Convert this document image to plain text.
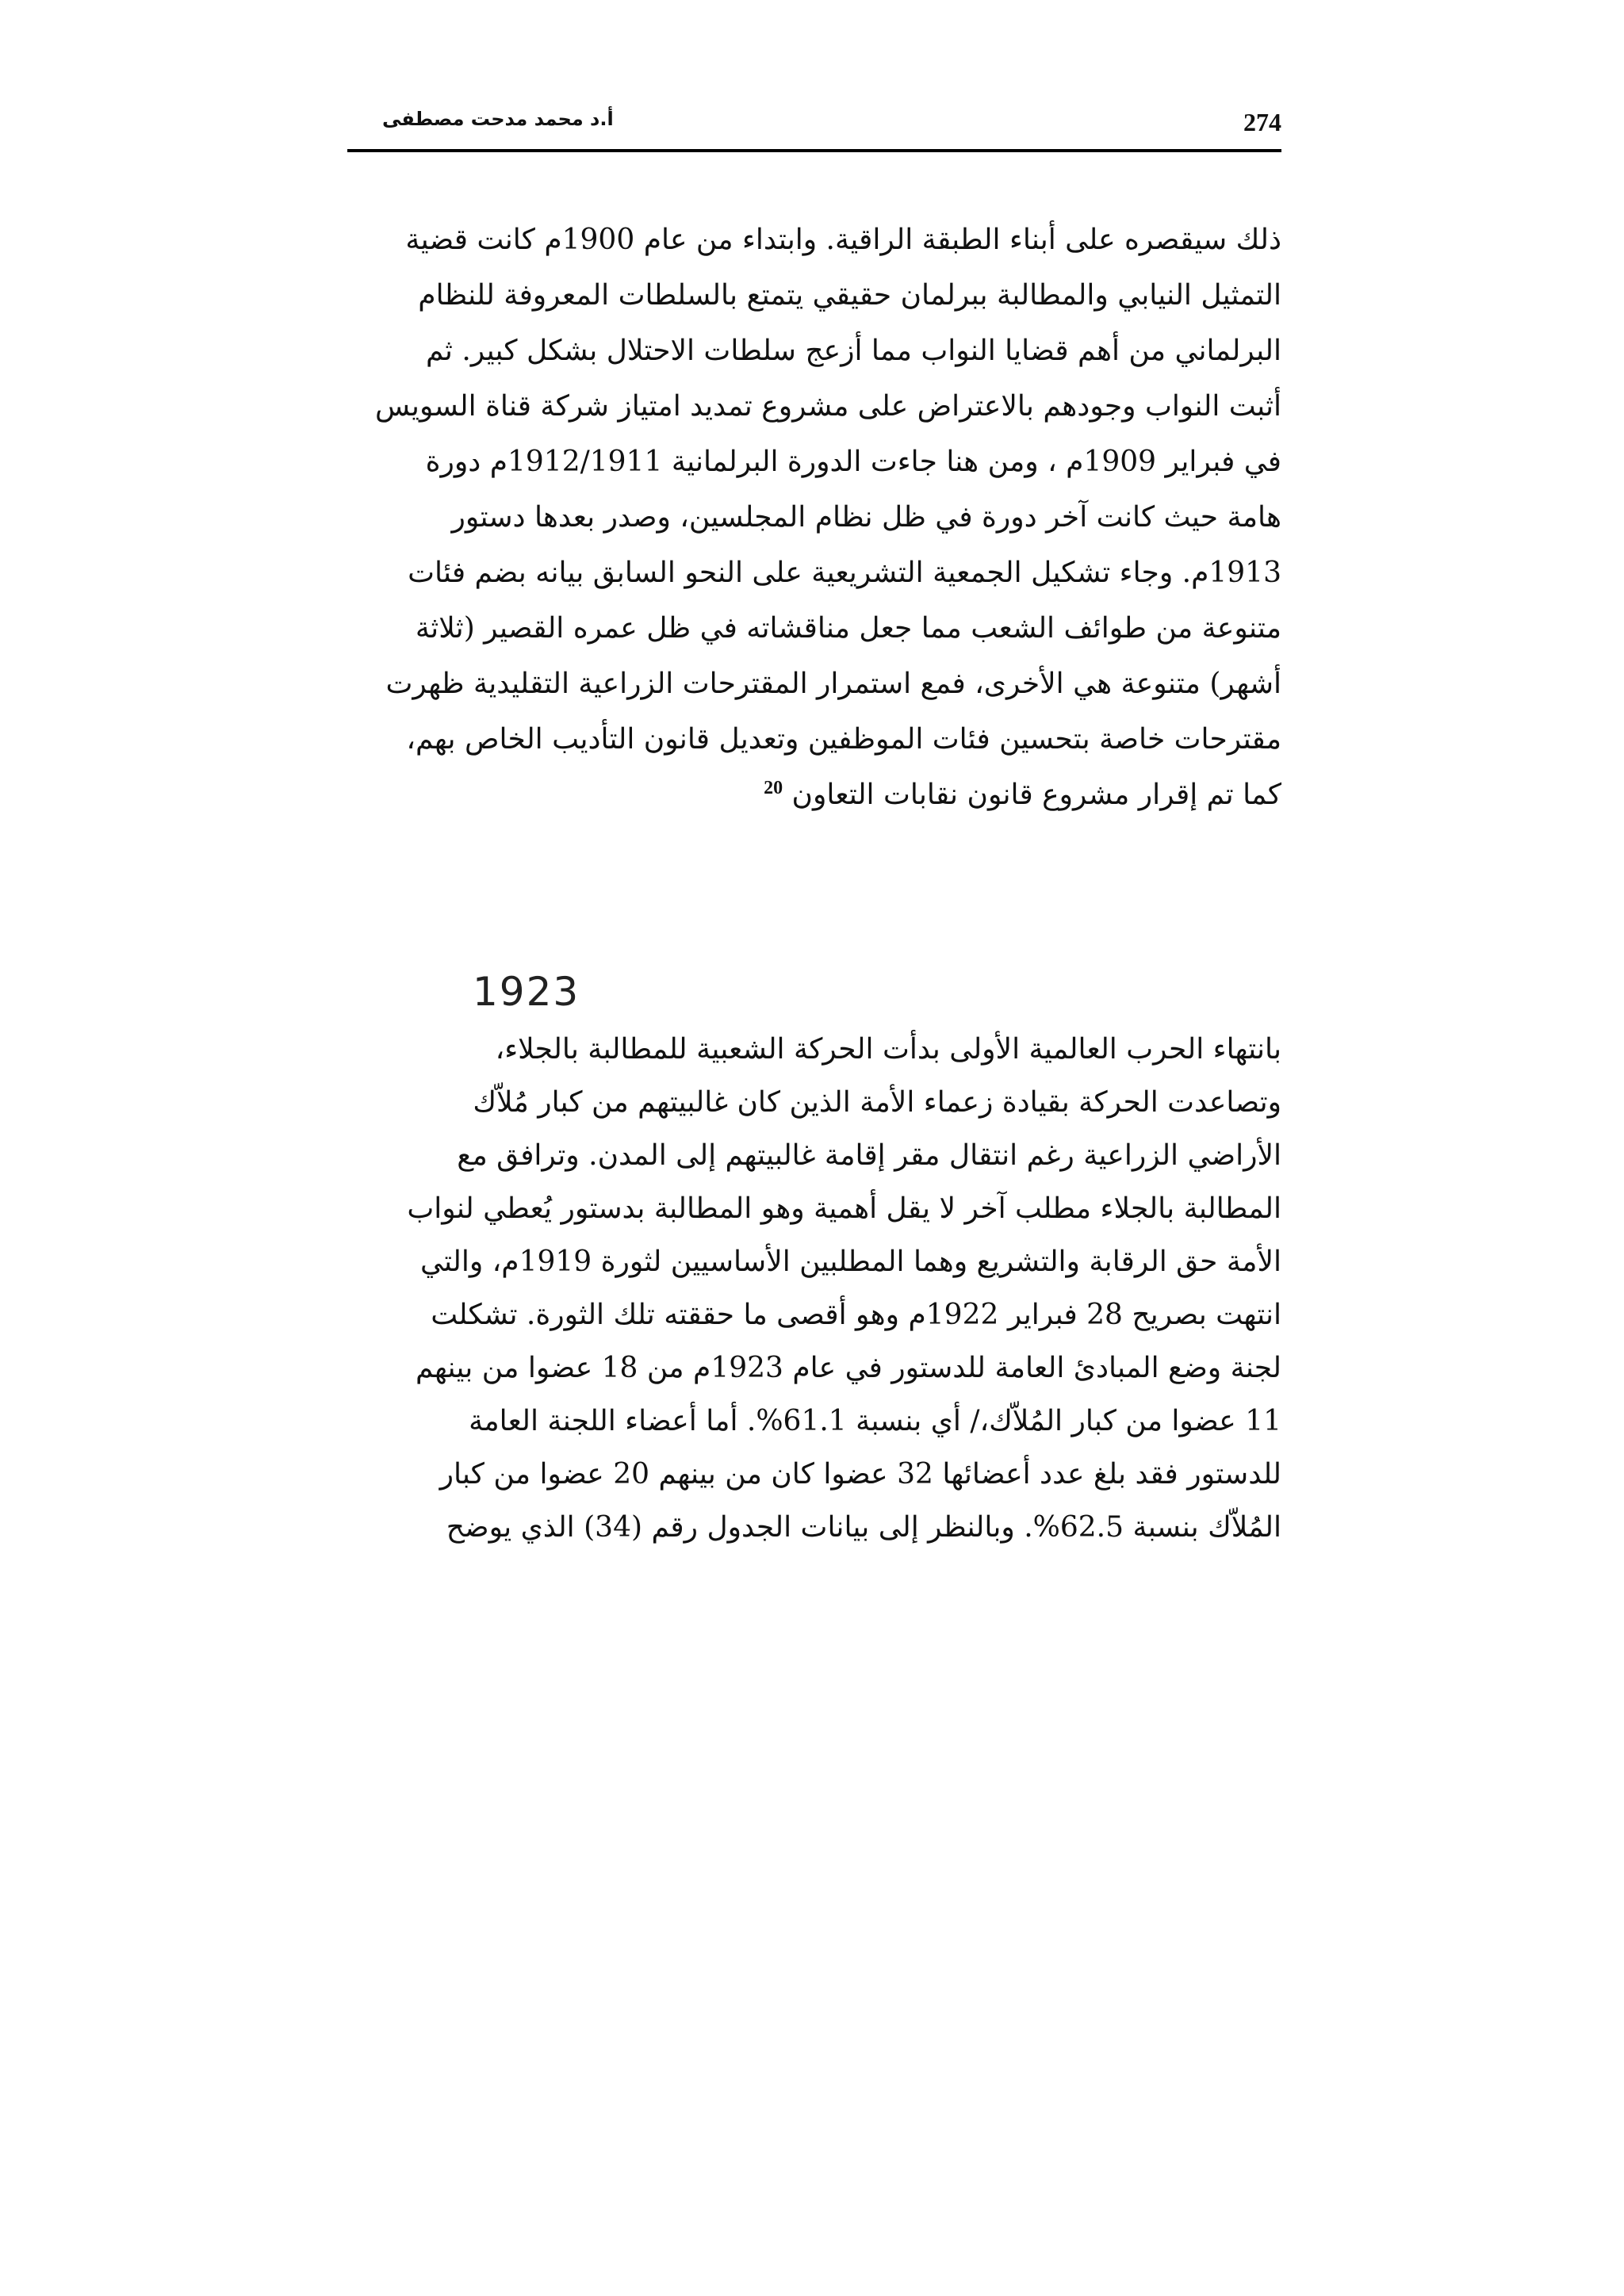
274
أ.د محمد مدحت مصطفى
ذلك سيقصره على أبناء الطبقة الراقية. وابتداء من عام 1900م كانت قضية
التمثيل النيابي والمطالبة ببرلمان حقيقي يتمتع بالسلطات المعروفة للنظام
البرلماني من أهم قضايا النواب مما أزعج سلطات الاحتلال بشكل كبير. ثم
أثبت النواب وجودهم بالاعتراض على مشروع تمديد امتياز شركة قناة السويس
في فبراير 1909م ، ومن هنا جاءت الدورة البرلمانية 1912/1911م دورة
هامة حيث كانت آخر دورة في ظل نظام المجلسين، وصدر بعدها دستور
1913م. وجاء تشكيل الجمعية التشريعية على النحو السابق بيانه بضم فئات
متنوعة من طوائف الشعب مما جعل مناقشاته في ظل عمره القصير (ثلاثة
أشهر) متنوعة هي الأخرى، فمع استمرار المقترحات الزراعية التقليدية ظهرت
مقترحات خاصة بتحسين فئات الموظفين وتعديل قانون التأديب الخاص بهم،
كما تم إقرار مشروع قانون نقابات التعاون $^{20}$
1923
بانتهاء الحرب العالمية الأولى بدأت الحركة الشعبية للمطالبة بالجلاء،
وتصاعدت الحركة بقيادة زعماء الأمة الذين كان غالبيتهم من كبار مُلاّك
الأراضي الزراعية رغم انتقال مقر إقامة غالبيتهم إلى المدن. وترافق مع
المطالبة بالجلاء مطلب آخر لا يقل أهمية وهو المطالبة بدستور يُعطي لنواب
الأمة حق الرقابة والتشريع وهما المطلبين الأساسيين لثورة 1919م، والتي
انتهت بصريح 28 فبراير 1922م وهو أقصى ما حققته تلك الثورة. تشكلت
لجنة وضع المبادئ العامة للدستور في عام 1923م من 18 عضوا من بينهم
11 عضوا من كبار المُلاّك،/ أي بنسبة 61.1%. أما أعضاء اللجنة العامة
للدستور فقد بلغ عدد أعضائها 32 عضوا كان من بينهم 20 عضوا من كبار
المُلاّك بنسبة 62.5%. وبالنظر إلى بيانات الجدول رقم (34) الذي يوضح
